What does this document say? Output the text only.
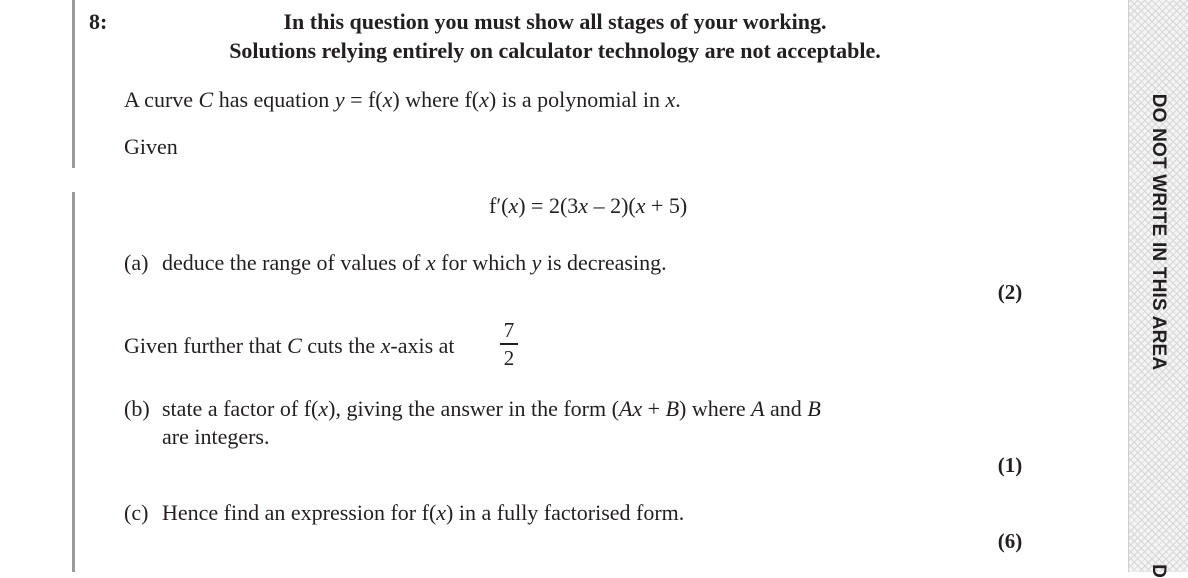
8:	In this question you must show all stages of your working.
Solutions relying entirely on calculator technology are not acceptable.
A curve C has equation y = f(x) where f(x) is a polynomial in x.
Given
f′(x) = 2(3x – 2)(x + 5)
(a) deduce the range of values of x for which y is decreasing.
(2)
Given further that C cuts the x-axis at
7
2
(b) state a factor of f(x), giving the answer in the form (Ax + B) where A and B
are integers.
(1)
(c) Hence find an expression for f(x) in a fully factorised form.
(6)
DO NOT WRITE IN THIS AREA
D
